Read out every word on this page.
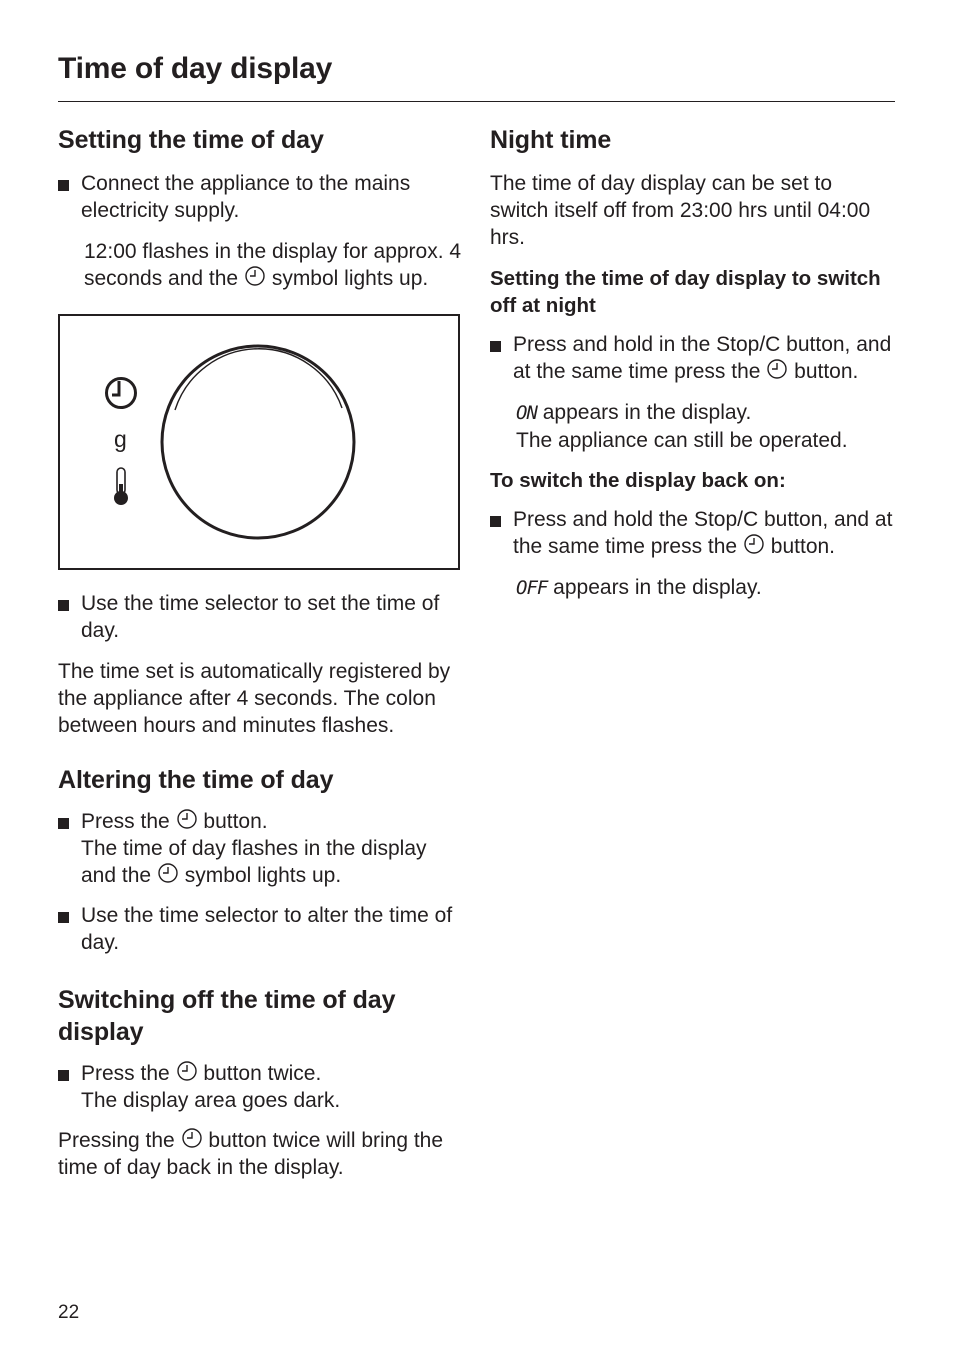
Time of day display
Setting the time of day
Connect the appliance to the mains electricity supply.
12:00 flashes in the display for approx. 4 seconds and the symbol lights up.
g
Use the time selector to set the time of day.
The time set is automatically registered by the appliance after 4 seconds. The colon between hours and minutes flashes.
Altering the time of day
Press the button.
The time of day flashes in the display and the symbol lights up.
Use the time selector to alter the time of day.
Switching off the time of day display
Press the button twice.
The display area goes dark.
Pressing the button twice will bring the time of day back in the display.
Night time
The time of day display can be set to switch itself off from 23:00 hrs until 04:00 hrs.
Setting the time of day display to switch off at night
Press and hold in the Stop/C button, and at the same time press the button.
ON appears in the display.
The appliance can still be operated.
To switch the display back on:
Press and hold the Stop/C button, and at the same time press the button.
OFF appears in the display.
22
